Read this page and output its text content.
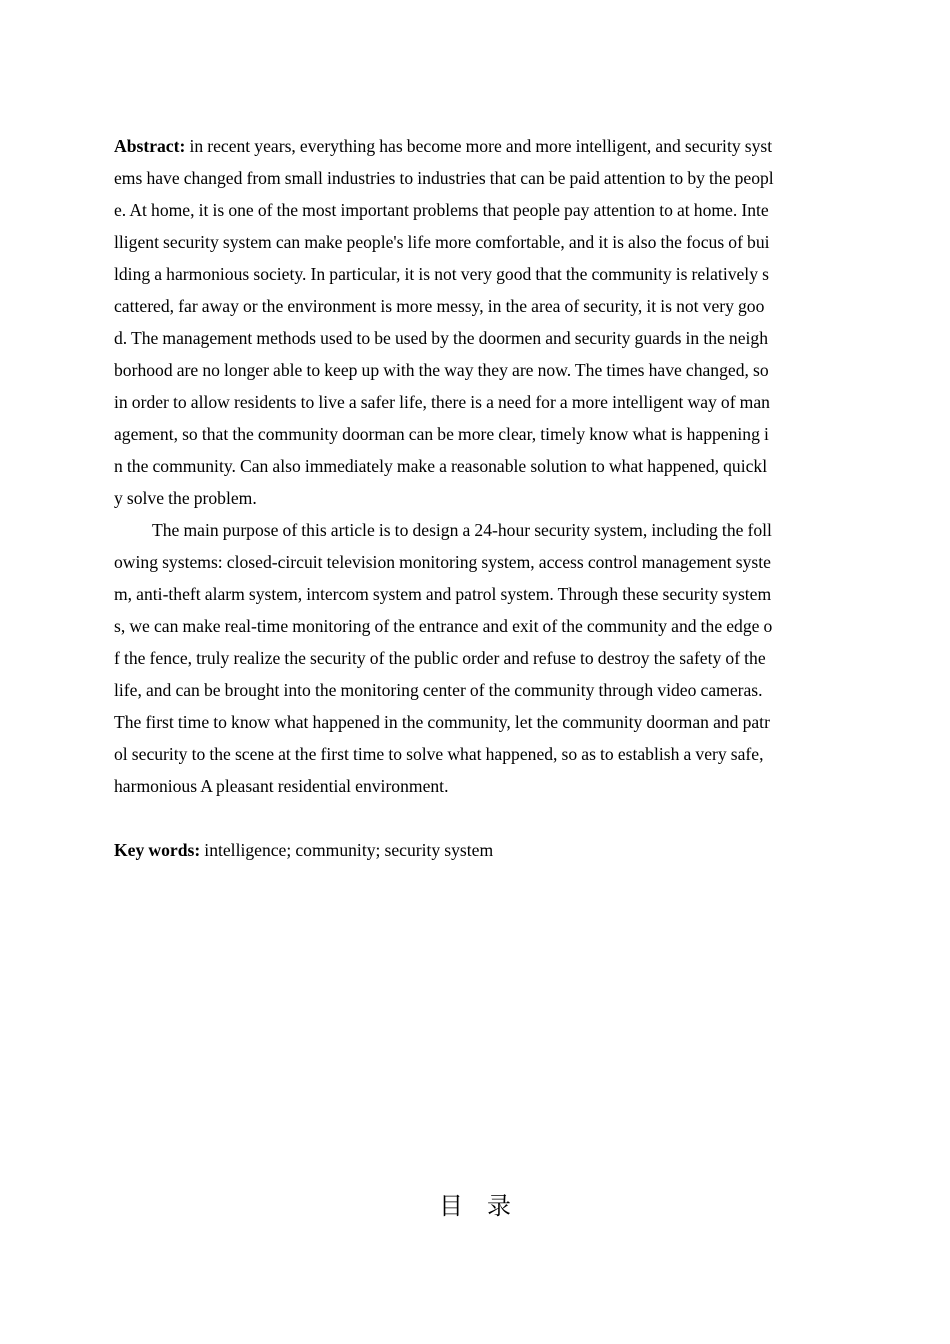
Abstract: in recent years, everything has become more and more intelligent, and security syst
ems have changed from small industries to industries that can be paid attention to by the peopl
e. At home, it is one of the most important problems that people pay attention to at home. Inte
lligent security system can make people's life more comfortable, and it is also the focus of bui
lding a harmonious society. In particular, it is not very good that the community is relatively s
cattered, far away or the environment is more messy, in the area of security, it is not very goo
d. The management methods used to be used by the doormen and security guards in the neigh
borhood are no longer able to keep up with the way they are now. The times have changed, so
in order to allow residents to live a safer life, there is a need for a more intelligent way of man
agement, so that the community doorman can be more clear, timely know what is happening i
n the community. Can also immediately make a reasonable solution to what happened, quickl
y solve the problem.
The main purpose of this article is to design a 24-hour security system, including the foll
owing systems: closed-circuit television monitoring system, access control management syste
m, anti-theft alarm system, intercom system and patrol system. Through these security system
s, we can make real-time monitoring of the entrance and exit of the community and the edge o
f the fence, truly realize the security of the public order and refuse to destroy the safety of the
life, and can be brought into the monitoring center of the community through video cameras.
The first time to know what happened in the community, let the community doorman and patr
ol security to the scene at the first time to solve what happened, so as to establish a very safe,
harmonious A pleasant residential environment.
Key words: intelligence; community; security system
目录
